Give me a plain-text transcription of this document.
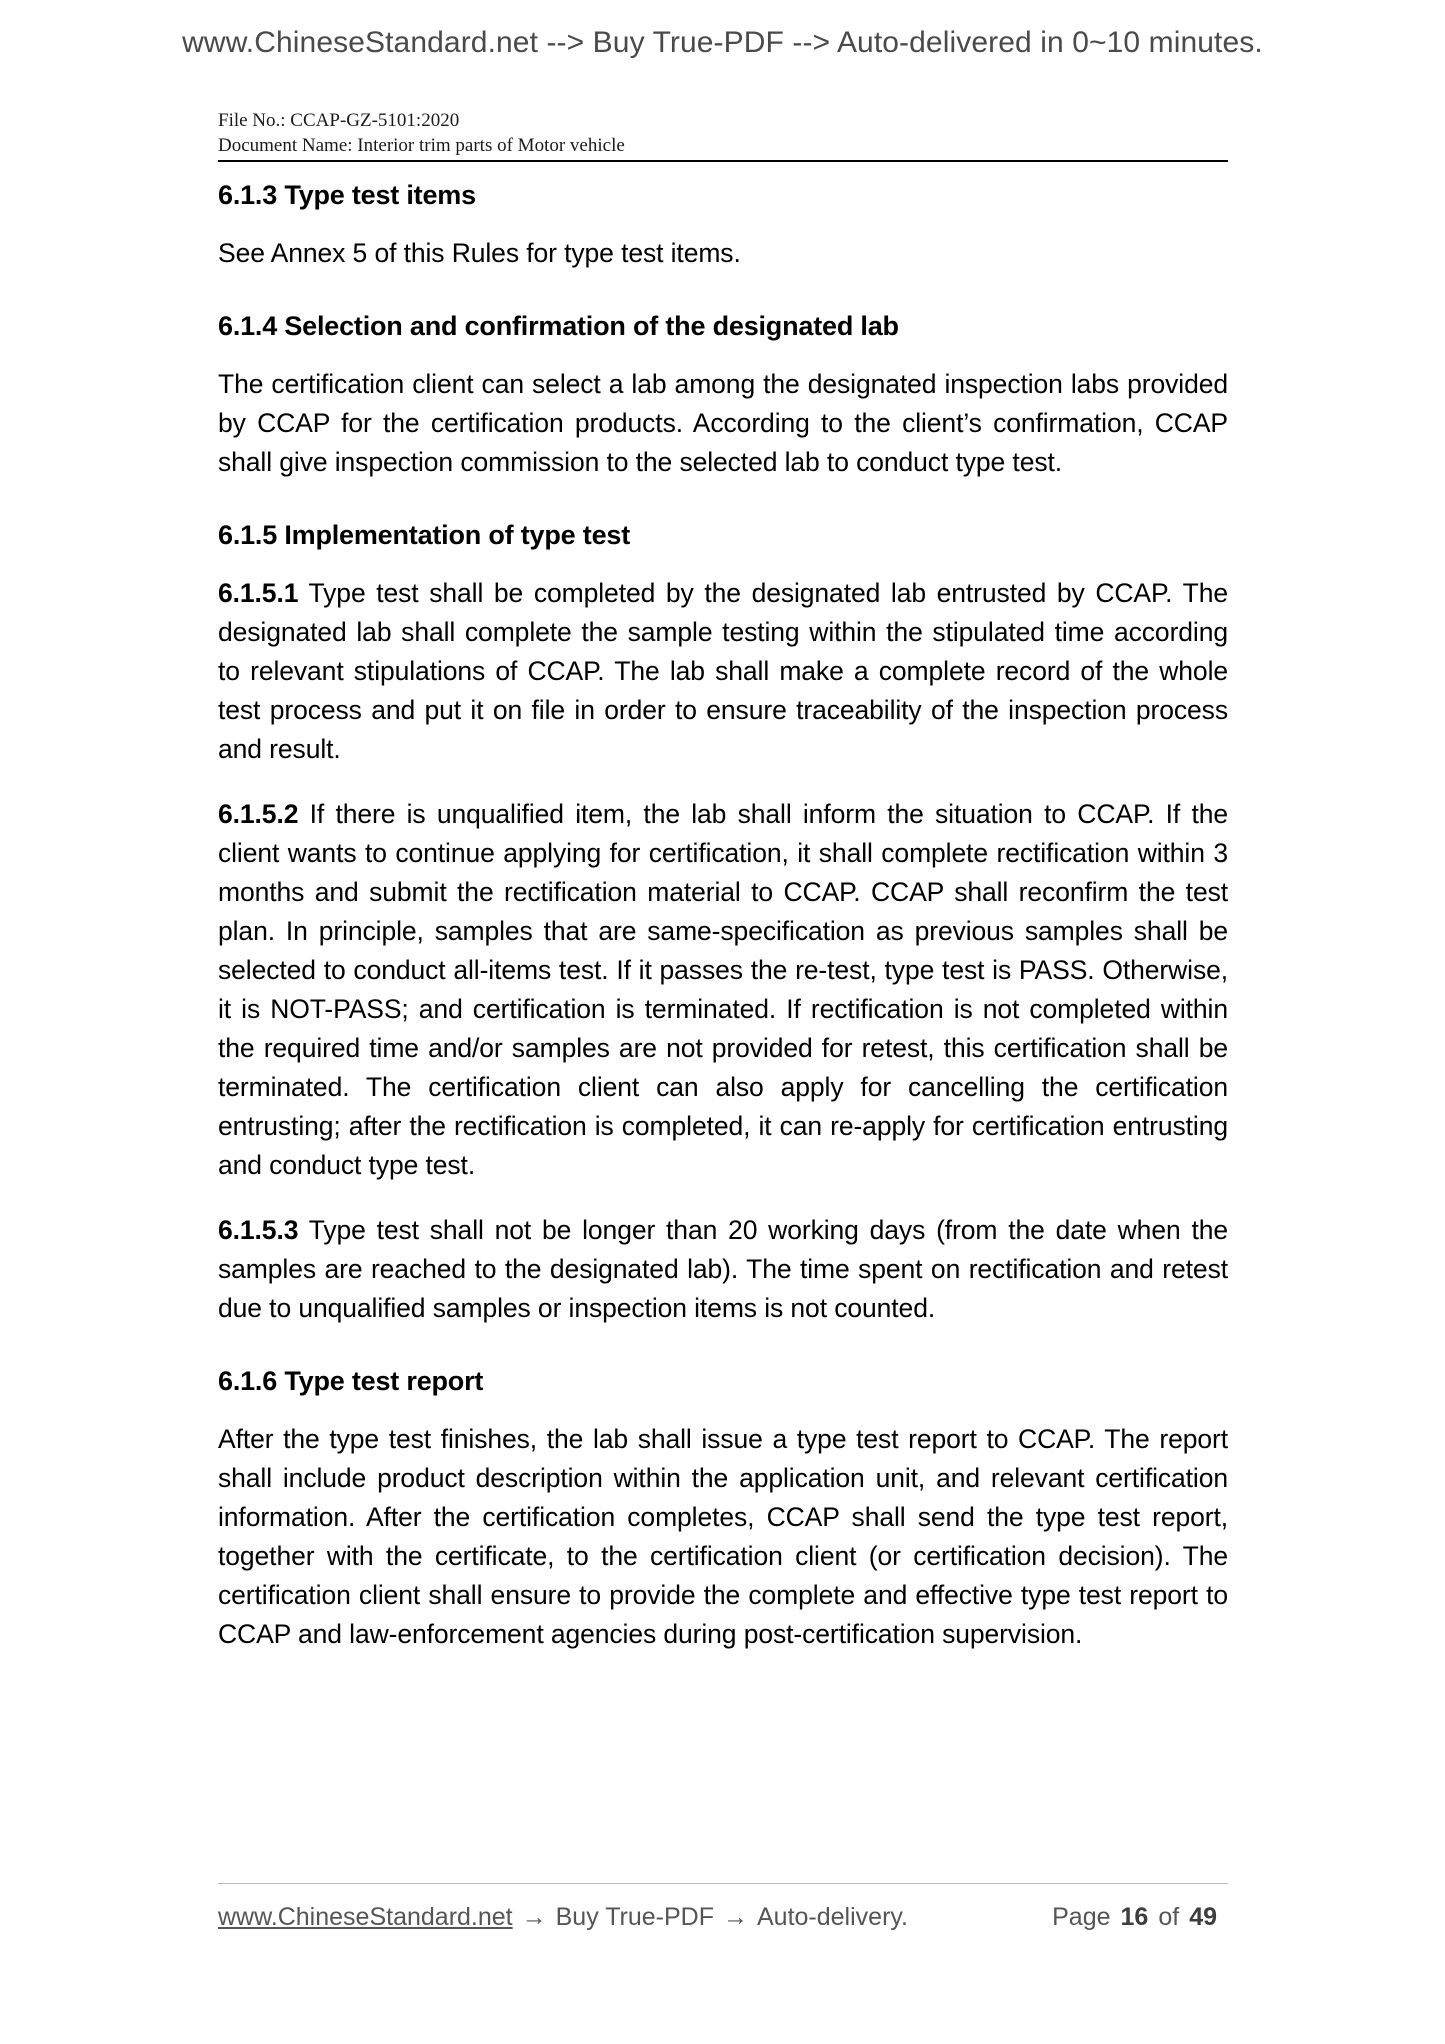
www.ChineseStandard.net --> Buy True-PDF --> Auto-delivered in 0~10 minutes.
File No.: CCAP-GZ-5101:2020
Document Name: Interior trim parts of Motor vehicle
6.1.3 Type test items

See Annex 5 of this Rules for type test items.

6.1.4 Selection and confirmation of the designated lab

The certification client can select a lab among the designated inspection labs provided by CCAP for the certification products. According to the client’s confirmation, CCAP shall give inspection commission to the selected lab to conduct type test.

6.1.5 Implementation of type test

6.1.5.1 Type test shall be completed by the designated lab entrusted by CCAP. The designated lab shall complete the sample testing within the stipulated time according to relevant stipulations of CCAP. The lab shall make a complete record of the whole test process and put it on file in order to ensure traceability of the inspection process and result.

6.1.5.2 If there is unqualified item, the lab shall inform the situation to CCAP. If the client wants to continue applying for certification, it shall complete rectification within 3 months and submit the rectification material to CCAP. CCAP shall reconfirm the test plan. In principle, samples that are same-specification as previous samples shall be selected to conduct all-items test. If it passes the re-test, type test is PASS. Otherwise, it is NOT-PASS; and certification is terminated. If rectification is not completed within the required time and/or samples are not provided for retest, this certification shall be terminated. The certification client can also apply for cancelling the certification entrusting; after the rectification is completed, it can re-apply for certification entrusting and conduct type test.

6.1.5.3 Type test shall not be longer than 20 working days (from the date when the samples are reached to the designated lab). The time spent on rectification and retest due to unqualified samples or inspection items is not counted.

6.1.6 Type test report

After the type test finishes, the lab shall issue a type test report to CCAP. The report shall include product description within the application unit, and relevant certification information. After the certification completes, CCAP shall send the type test report, together with the certificate, to the certification client (or certification decision). The certification client shall ensure to provide the complete and effective type test report to CCAP and law-enforcement agencies during post-certification supervision.

www.ChineseStandard.net → Buy True-PDF → Auto-delivery.	Page 16 of 49
